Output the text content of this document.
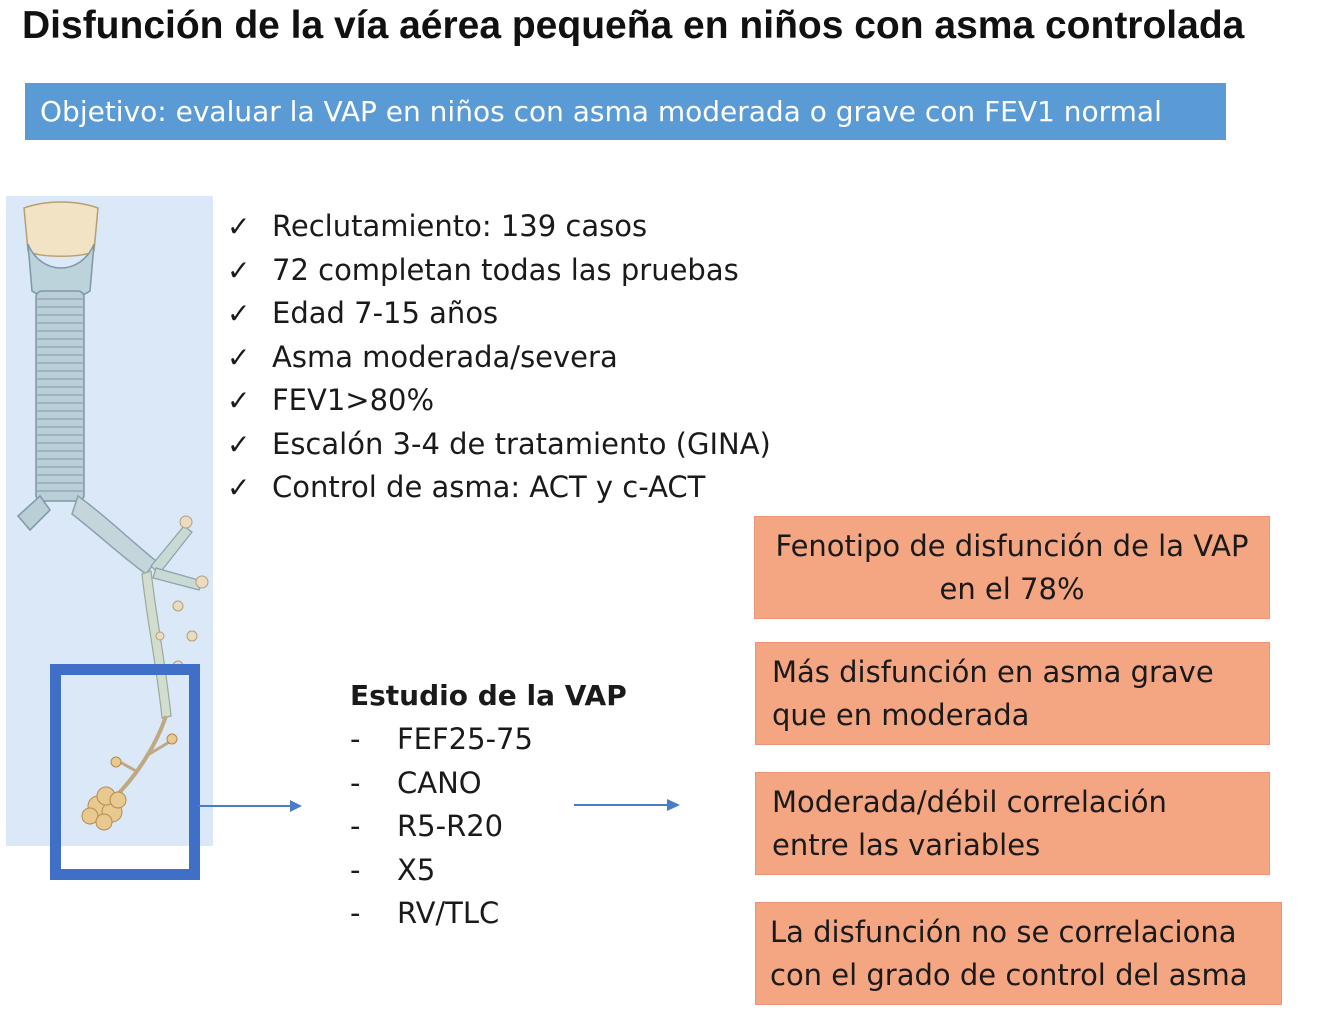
Disfunción de la vía aérea pequeña en niños con asma controlada
Objetivo: evaluar la VAP en niños con asma moderada o grave con FEV1 normal
✓ Reclutamiento: 139 casos
✓ 72 completan todas las pruebas
✓ Edad 7-15 años
✓ Asma moderada/severa
✓ FEV1>80%
✓ Escalón 3-4 de tratamiento (GINA)
✓ Control de asma: ACT y c-ACT
Estudio de la VAP
- FEF25-75
- CANO
- R5-R20
- X5
- RV/TLC
Fenotipo de disfunción de la VAP
en el 78%
Más disfunción en asma grave
que en moderada
Moderada/débil correlación
entre las variables
La disfunción no se correlaciona
con el grado de control del asma
